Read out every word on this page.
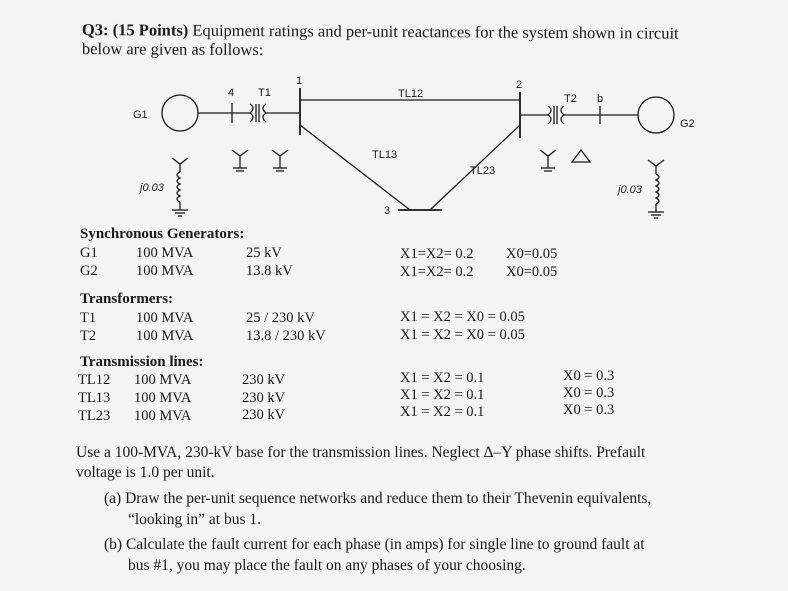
Q3: (15 Points) Equipment ratings and per-unit reactances for the system shown in circuit
below are given as follows:
G1
4 T1
1
TL12
2
T2 b
G2
TL13
TL23
3
j0.03	j0.03
Synchronous Generators:
G1	100 MVA	25 kV	X1=X2= 0.2 X0=0.05
G2	100 MVA	13.8 kV	X1=X2= 0.2 X0=0.05
Transformers:
T1	100 MVA	25 / 230 kV	X1 = X2 = X0 = 0.05
T2	100 MVA	13.8 / 230 kV	X1 = X2 = X0 = 0.05
Transmission lines:
TL12 100 MVA	230 kV	X1 = X2 = 0.1	X0 = 0.3
TL13 100 MVA	230 kV	X1 = X2 = 0.1	X0 = 0.3
TL23 100 MVA	230 kV	X1 = X2 = 0.1	X0 = 0.3
Use a 100-MVA, 230-kV base for the transmission lines. Neglect Δ–Y phase shifts. Prefault
voltage is 1.0 per unit.
(a) Draw the per-unit sequence networks and reduce them to their Thevenin equivalents,
“looking in” at bus 1.
(b) Calculate the fault current for each phase (in amps) for single line to ground fault at
bus #1, you may place the fault on any phases of your choosing.
